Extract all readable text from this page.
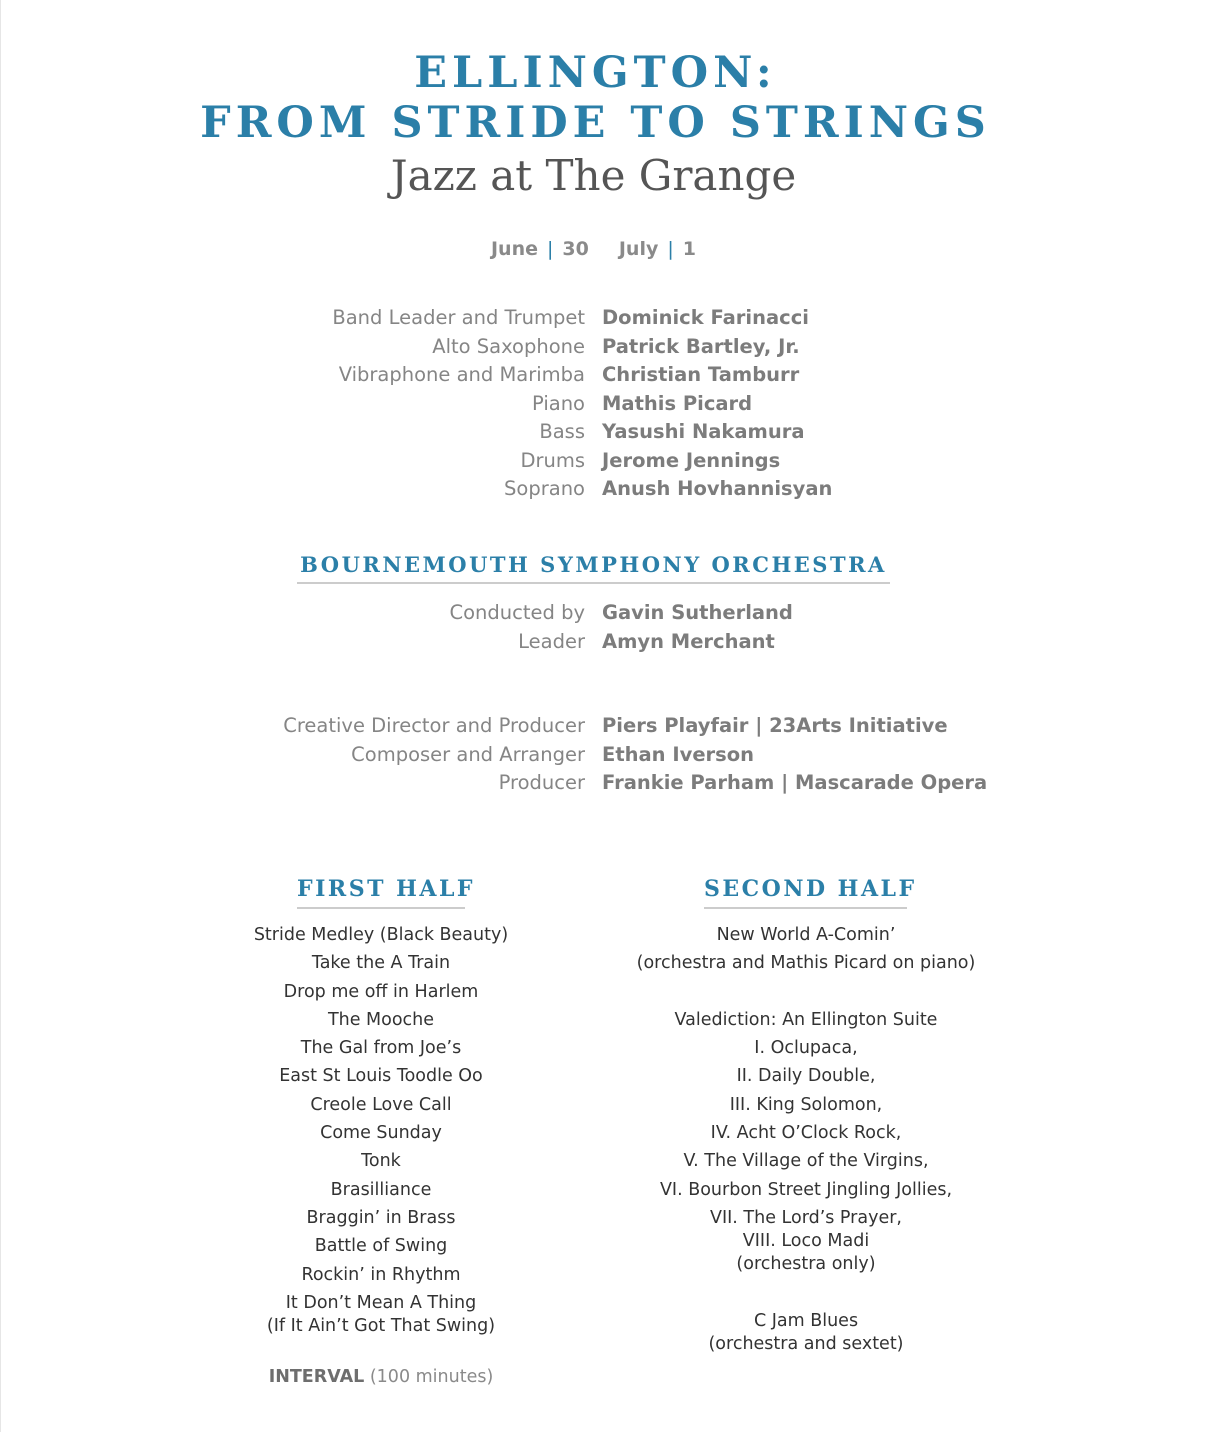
ELLINGTON:
FROM STRIDE TO STRINGS
Jazz at The Grange
June | 30 July | 1
Band Leader and Trumpet Dominick Farinacci
Alto Saxophone Patrick Bartley, Jr.
Vibraphone and Marimba Christian Tamburr
Piano Mathis Picard
Bass Yasushi Nakamura
Drums Jerome Jennings
Soprano Anush Hovhannisyan
BOURNEMOUTH SYMPHONY ORCHESTRA
Conducted by Gavin Sutherland
Leader Amyn Merchant
Creative Director and Producer Piers Playfair | 23Arts Initiative
Composer and Arranger Ethan Iverson
Producer Frankie Parham | Mascarade Opera
FIRST HALF	SECOND HALF
Stride Medley (Black Beauty)
Take the A Train
Drop me off in Harlem
The Mooche
The Gal from Joe’s
East St Louis Toodle Oo
Creole Love Call
Come Sunday
Tonk
Brasilliance
Braggin’ in Brass
Battle of Swing
Rockin’ in Rhythm
It Don’t Mean A Thing
(If It Ain’t Got That Swing)
INTERVAL (100 minutes)
New World A-Comin’
(orchestra and Mathis Picard on piano)
Valediction: An Ellington Suite
I. Oclupaca,
II. Daily Double,
III. King Solomon,
IV. Acht O’Clock Rock,
V. The Village of the Virgins,
VI. Bourbon Street Jingling Jollies,
VII. The Lord’s Prayer,
VIII. Loco Madi
(orchestra only)
C Jam Blues
(orchestra and sextet)
